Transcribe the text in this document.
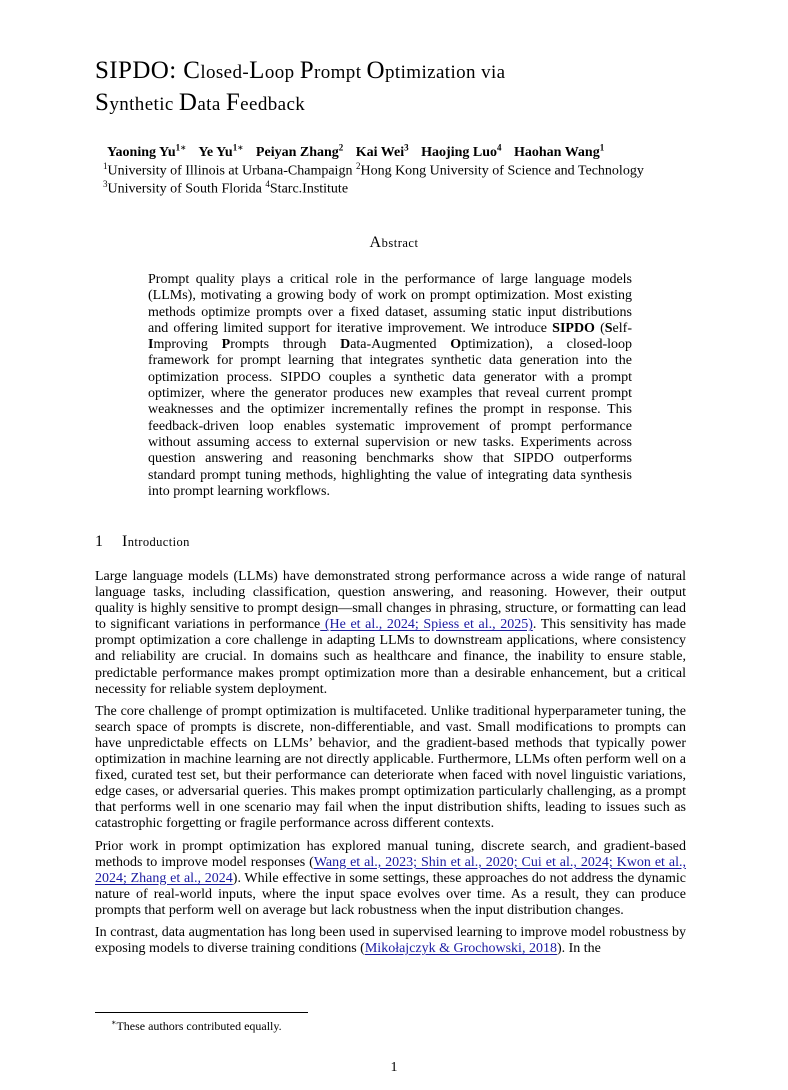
SIPDO: Closed-Loop Prompt Optimization via
Synthetic Data Feedback
Yaoning $Yu^{1∗}$ Ye $Yu^{1∗}$ Peiyan Zhang$^2$ Kai Wei$^3$ Haojing Luo$^4$ Haohan Wang$^1$
$^1$University of Illinois at Urbana-Champaign $^2$Hong Kong University of Science and Technology
$^3$University of South Florida $^4$Starc.Institute
Abstract
Prompt quality plays a critical role in the performance of large language models (LLMs), motivating a growing body of work on prompt optimization. Most existing methods optimize prompts over a fixed dataset, assuming static input distributions and offering limited support for iterative improvement. We introduce SIPDO (Self-Improving Prompts through Data-Augmented Optimization), a closed-loop framework for prompt learning that integrates synthetic data generation into the optimization process. SIPDO couples a synthetic data generator with a prompt optimizer, where the generator produces new examples that reveal current prompt weaknesses and the optimizer incrementally refines the prompt in response. This feedback-driven loop enables systematic improvement of prompt performance without assuming access to external supervision or new tasks. Experiments across question answering and reasoning benchmarks show that SIPDO outperforms standard prompt tuning methods, highlighting the value of integrating data synthesis into prompt learning workflows.
1 Introduction

Large language models (LLMs) have demonstrated strong performance across a wide range of natural language tasks, including classification, question answering, and reasoning. However, their output quality is highly sensitive to prompt design—small changes in phrasing, structure, or formatting can lead to significant variations in performance (He et al., 2024; Spiess et al., 2025). This sensitivity has made prompt optimization a core challenge in adapting LLMs to downstream applications, where consistency and reliability are crucial. In domains such as healthcare and finance, the inability to ensure stable, predictable performance makes prompt optimization more than a desirable enhancement, but a critical necessity for reliable system deployment.

The core challenge of prompt optimization is multifaceted. Unlike traditional hyperparameter tuning, the search space of prompts is discrete, non-differentiable, and vast. Small modifications to prompts can have unpredictable effects on LLMs’ behavior, and the gradient-based methods that typically power optimization in machine learning are not directly applicable. Furthermore, LLMs often perform well on a fixed, curated test set, but their performance can deteriorate when faced with novel linguistic variations, edge cases, or adversarial queries. This makes prompt optimization particularly challenging, as a prompt that performs well in one scenario may fail when the input distribution shifts, leading to issues such as catastrophic forgetting or fragile performance across different contexts.

Prior work in prompt optimization has explored manual tuning, discrete search, and gradient-based methods to improve model responses (Wang et al., 2023; Shin et al., 2020; Cui et al., 2024; Kwon et al., 2024; Zhang et al., 2024). While effective in some settings, these approaches do not address the dynamic nature of real-world inputs, where the input space evolves over time. As a result, they can produce prompts that perform well on average but lack robustness when the input distribution changes.

In contrast, data augmentation has long been used in supervised learning to improve model robustness by exposing models to diverse training conditions (Mikołajczyk & Grochowski, 2018). In the

∗These authors contributed equally.
1
